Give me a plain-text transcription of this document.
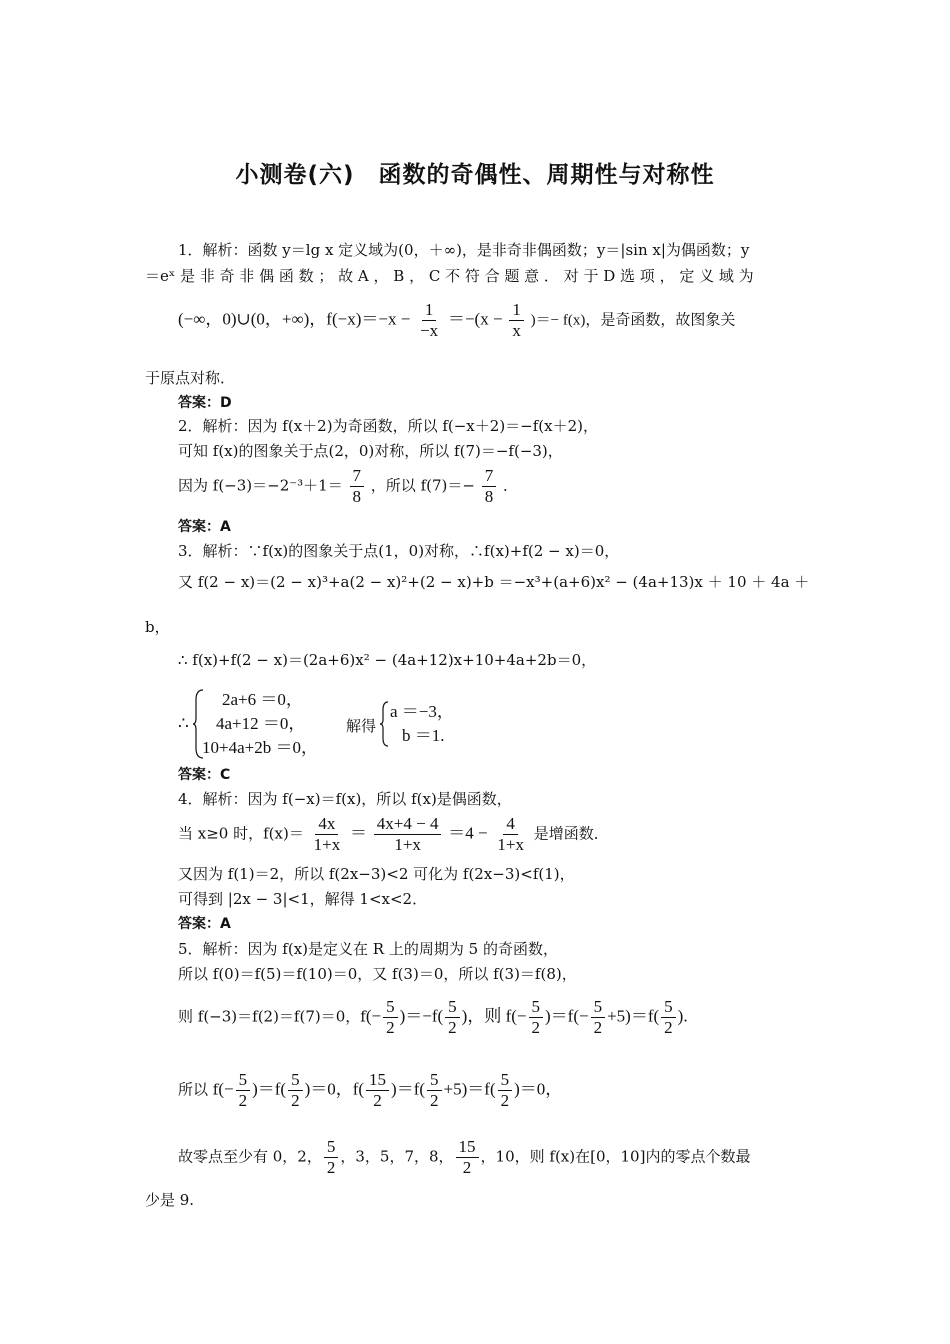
小测卷(六)　函数的奇偶性、周期性与对称性
1．解析：函数 y＝lg x 定义域为(0，＋∞)，是非奇非偶函数；y＝|sin x|为偶函数；y
＝eˣ 是 非 奇 非 偶 函 数 ； 故 A ， B ， C 不 符 合 题 意 ． 对 于 D 选 项 ， 定 义 域 为
(−∞，0)∪(0，+∞)，$f(-x)=-x - \frac{1}{-x} =-(x - \frac{1}{x}$ )＝− f(x)，是奇函数，故图象关
于原点对称．
答案：D
2．解析：因为 f(x＋2)为奇函数，所以 f(−x＋2)＝−f(x＋2)，
可知 f(x)的图象关于点(2，0)对称，所以 f(7)＝−f(−3)，
因为 $f(-3)=-2^{-3}+1= \frac{7}{8}$ ，所以 $f(7)=- \frac{7}{8}$ ．
答案：A
3．解析：∵f(x)的图象关于点(1，0)对称，∴f(x)+f(2 − x)＝0，
又 f(2 − x)＝(2 − x)³+a(2 − x)²+(2 − x)+b ＝−x³+(a+6)x² − (4a+13)x ＋ 10 ＋ 4a ＋
b，
∴ f(x)+f(2 − x)＝(2a+6)x² − (4a+12)x+10+4a+2b＝0，
∴
2a+6 ＝0，
4a+12 ＝0，
10+4a+2b ＝0，
解得
a ＝−3，
b ＝1.
答案：C
4．解析：因为 f(−x)＝f(x)，所以 f(x)是偶函数，
当 x≥0 时，$f(x)= \frac{4x}{1+x} = \frac{4x+4 - 4}{1+x} =4 - \frac{4}{1+x}$ 是增函数．
又因为 f(1)＝2，所以 f(2x−3)<2 可化为 f(2x−3)<f(1)，
可得到 |2x − 3|<1，解得 1<x<2．
答案：A
5．解析：因为 f(x)是定义在 R 上的周期为 5 的奇函数，
所以 f(0)＝f(5)＝f(10)＝0，又 f(3)＝0，所以 f(3)＝f(8)，
则 f(−3)＝f(2)＝f(7)＝0，$f(- \frac{5}{2} )=-f( \frac{5}{2}$ )，则 $f(- \frac{5}{2} )=f(- \frac{5}{2} +5)=f( \frac{5}{2}$ ).
所以 $f(- \frac{5}{2} )=f( \frac{5}{2} )=0$，$f( \frac{15}{2} )=f( \frac{5}{2} +5)=f( \frac{5}{2} )=0$，
故零点至少有 0，2， $\frac{5}{2}$ ，3，5，7，8， $\frac{15}{2}$ ，10，则 f(x)在[0，10]内的零点个数最
少是 9.
